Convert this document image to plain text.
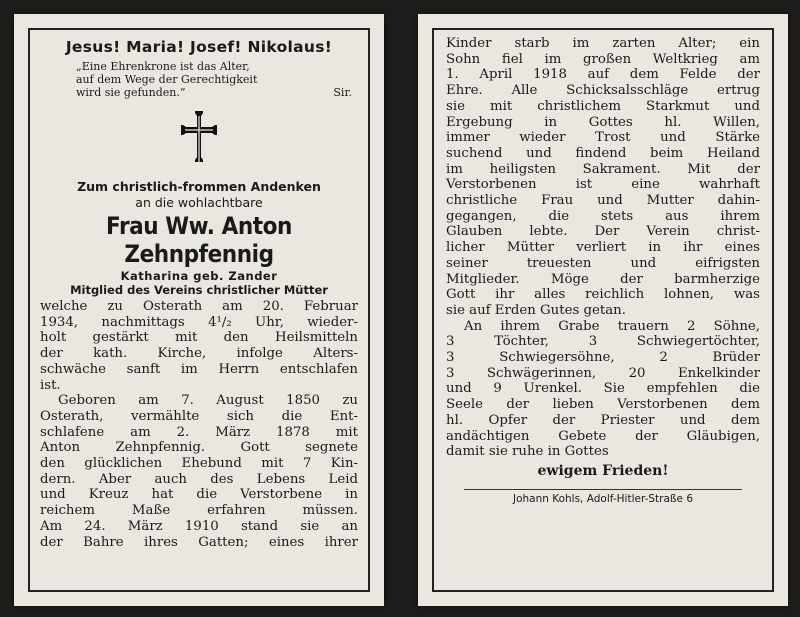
Jesus! Maria! Josef! Nikolaus!
„Eine Ehrenkrone ist das Alter,
auf dem Wege der Gerechtigkeit
wird sie gefunden.“	Sir.
Zum christlich-frommen Andenken
an die wohlachtbare
Frau Ww. Anton Zehnpfennig
Katharina geb. Zander
Mitglied des Vereins christlicher Mütter
welche zu Osterath am 20. Februar
1934, nachmittags 4¹/₂ Uhr, wieder-
holt gestärkt mit den Heilsmitteln
der kath. Kirche, infolge Alters-
schwäche sanft im Herrn entschlafen
ist.
Geboren am 7. August 1850 zu
Osterath, vermählte sich die Ent-
schlafene am 2. März 1878 mit
Anton Zehnpfennig. Gott segnete
den glücklichen Ehebund mit 7 Kin-
dern. Aber auch des Lebens Leid
und Kreuz hat die Verstorbene in
reichem Maße erfahren müssen.
Am 24. März 1910 stand sie an
der Bahre ihres Gatten; eines ihrer
Kinder starb im zarten Alter; ein
Sohn fiel im großen Weltkrieg am
1. April 1918 auf dem Felde der
Ehre. Alle Schicksalsschläge ertrug
sie mit christlichem Starkmut und
Ergebung in Gottes hl. Willen,
immer wieder Trost und Stärke
suchend und findend beim Heiland
im heiligsten Sakrament. Mit der
Verstorbenen ist eine wahrhaft
christliche Frau und Mutter dahin-
gegangen, die stets aus ihrem
Glauben lebte. Der Verein christ-
licher Mütter verliert in ihr eines
seiner treuesten und eifrigsten
Mitglieder. Möge der barmherzige
Gott ihr alles reichlich lohnen, was
sie auf Erden Gutes getan.
An ihrem Grabe trauern 2 Söhne,
3 Töchter, 3 Schwiegertöchter,
3 Schwiegersöhne, 2 Brüder
3 Schwägerinnen, 20 Enkelkinder
und 9 Urenkel. Sie empfehlen die
Seele der lieben Verstorbenen dem
hl. Opfer der Priester und dem
andächtigen Gebete der Gläubigen,
damit sie ruhe in Gottes
ewigem Frieden!
Johann Kohls, Adolf-Hitler-Straße 6
